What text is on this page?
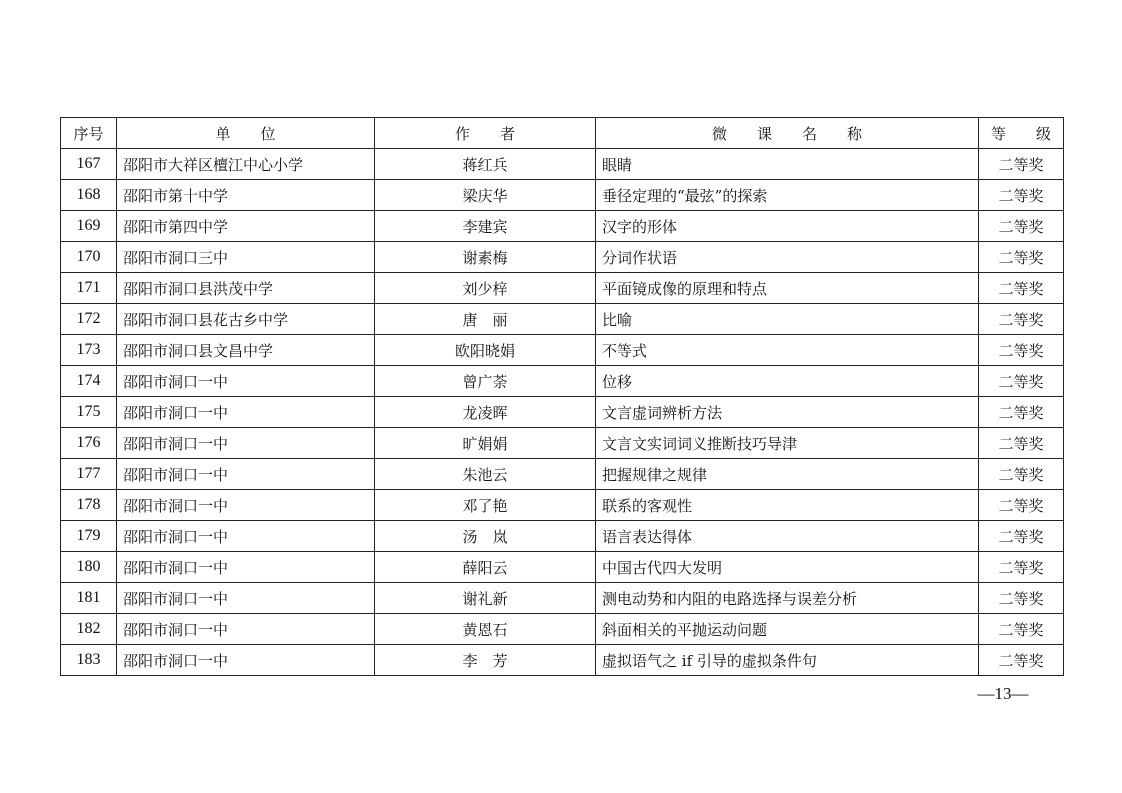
序号	单　　位	作　　者	微　　课　　名　　称	等　　级
167	邵阳市大祥区檀江中心小学	蒋红兵	眼睛	二等奖
168	邵阳市第十中学	梁庆华	垂径定理的“最弦”的探索	二等奖
169	邵阳市第四中学	李建宾	汉字的形体	二等奖
170	邵阳市洞口三中	谢素梅	分词作状语	二等奖
171	邵阳市洞口县洪茂中学	刘少梓	平面镜成像的原理和特点	二等奖
172	邵阳市洞口县花古乡中学	唐　丽	比喻	二等奖
173	邵阳市洞口县文昌中学	欧阳晓娟	不等式	二等奖
174	邵阳市洞口一中	曾广荼	位移	二等奖
175	邵阳市洞口一中	龙凌晖	文言虚词辨析方法	二等奖
176	邵阳市洞口一中	旷娟娟	文言文实词词义推断技巧导津	二等奖
177	邵阳市洞口一中	朱池云	把握规律之规律	二等奖
178	邵阳市洞口一中	邓了艳	联系的客观性	二等奖
179	邵阳市洞口一中	汤　岚	语言表达得体	二等奖
180	邵阳市洞口一中	薛阳云	中国古代四大发明	二等奖
181	邵阳市洞口一中	谢礼新	测电动势和内阻的电路选择与误差分析	二等奖
182	邵阳市洞口一中	黄恩石	斜面相关的平抛运动问题	二等奖
183	邵阳市洞口一中	李　芳	虚拟语气之 if 引导的虚拟条件句	二等奖
—13—
